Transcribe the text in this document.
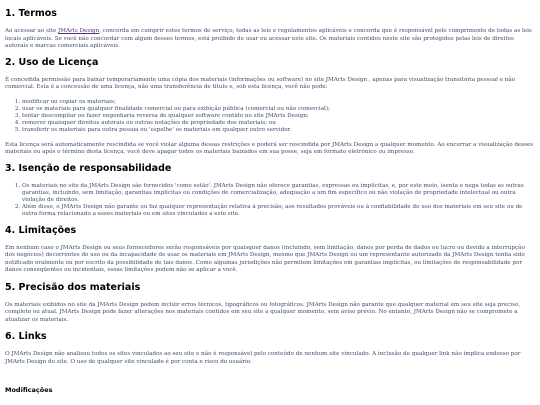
1. Termos

Ao acessar ao site JMArts Design, concorda em cumprir estes termos de serviço, todas as leis e regulamentos aplicáveis e concorda que é responsável pelo cumprimento de todas as leis locais aplicáveis. Se você não concordar com algum desses termos, está proibido de usar ou acessar este site. Os materiais contidos neste site são protegidos pelas leis de direitos autorais e marcas comerciais aplicáveis.

2. Uso de Licença

É concedida permissão para baixar temporariamente uma cópia dos materiais (informações ou software) no site JMArts Design , apenas para visualização transitória pessoal e não comercial. Esta é a concessão de uma licença, não uma transferência de título e, sob esta licença, você não pode:

1. modificar ou copiar os materiais;
2. usar os materiais para qualquer finalidade comercial ou para exibição pública (comercial ou não comercial);
3. tentar descompilar ou fazer engenharia reversa de qualquer software contido no site JMArts Design;
4. remover quaisquer direitos autorais ou outras notações de propriedade dos materiais; ou
5. transferir os materiais para outra pessoa ou 'espelhe' os materiais em qualquer outro servidor.

Esta licença será automaticamente rescindida se você violar alguma dessas restrições e poderá ser rescindida por JMArts Design a qualquer momento. Ao encerrar a visualização desses materiais ou após o término desta licença, você deve apagar todos os materiais baixados em sua posse, seja em formato eletrónico ou impresso.

3. Isenção de responsabilidade
1. Os materiais no site da JMArts Design são fornecidos 'como estão'. JMArts Design não oferece garantias, expressas ou implícitas, e, por este meio, isenta e nega todas as outras garantias, incluindo, sem limitação, garantias implícitas ou condições de comercialização, adequação a um fim específico ou não violação de propriedade intelectual ou outra violação de direitos.
2. Além disso, o JMArts Design não garante ou faz qualquer representação relativa à precisão, aos resultados prováveis ou à confiabilidade do uso dos materiais em seu site ou de outra forma relacionado a esses materiais ou em sites vinculados a este site.
4. Limitações

Em nenhum caso o JMArts Design ou seus fornecedores serão responsáveis por quaisquer danos (incluindo, sem limitação, danos por perda de dados ou lucro ou devido a interrupção dos negócios) decorrentes do uso ou da incapacidade de usar os materiais em JMArts Design, mesmo que JMArts Design ou um representante autorizado da JMArts Design tenha sido notificado oralmente ou por escrito da possibilidade de tais danos. Como algumas jurisdições não permitem limitações em garantias implícitas, ou limitações de responsabilidade por danos conseqüentes ou incidentais, essas limitações podem não se aplicar a você.

5. Precisão dos materiais

Os materiais exibidos no site da JMArts Design podem incluir erros técnicos, tipográficos ou fotográficos. JMArts Design não garante que qualquer material em seu site seja preciso, completo ou atual. JMArts Design pode fazer alterações nos materiais contidos em seu site a qualquer momento, sem aviso prévio. No entanto, JMArts Design não se compromete a atualizar os materiais.

6. Links

O JMArts Design não analisou todos os sites vinculados ao seu site e não é responsável pelo conteúdo de nenhum site vinculado. A inclusão de qualquer link não implica endosso por JMArts Design do site. O uso de qualquer site vinculado é por conta e risco do usuário.

Modificações
